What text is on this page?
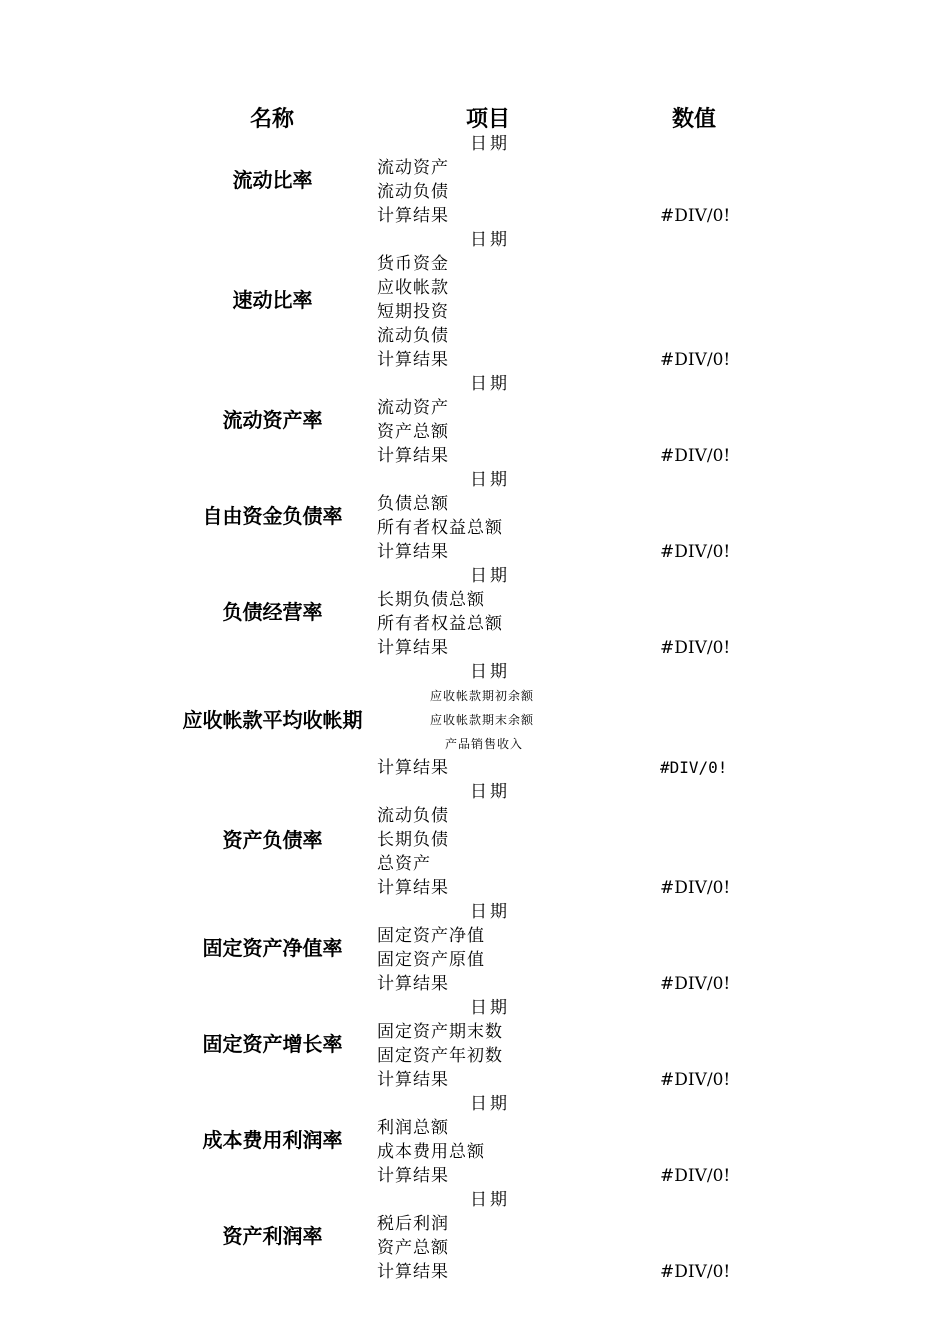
名称	项目	数值
流动比率
日期
流动资产
流动负债
计算结果	#DIV/0!
速动比率
日期
货币资金
应收帐款
短期投资
流动负债
计算结果	#DIV/0!
流动资产率
日期
流动资产
资产总额
计算结果	#DIV/0!
自由资金负债率
日期
负债总额
所有者权益总额
计算结果	#DIV/0!
负债经营率
日期
长期负债总额
所有者权益总额
计算结果	#DIV/0!
应收帐款平均收帐期
日期
应收帐款期初余额
应收帐款期末余额
产品销售收入
计算结果	#DIV/0!
资产负债率
日期
流动负债
长期负债
总资产
计算结果	#DIV/0!
固定资产净值率
日期
固定资产净值
固定资产原值
计算结果	#DIV/0!
固定资产增长率
日期
固定资产期末数
固定资产年初数
计算结果	#DIV/0!
成本费用利润率
日期
利润总额
成本费用总额
计算结果	#DIV/0!
资产利润率
日期
税后利润
资产总额
计算结果	#DIV/0!
